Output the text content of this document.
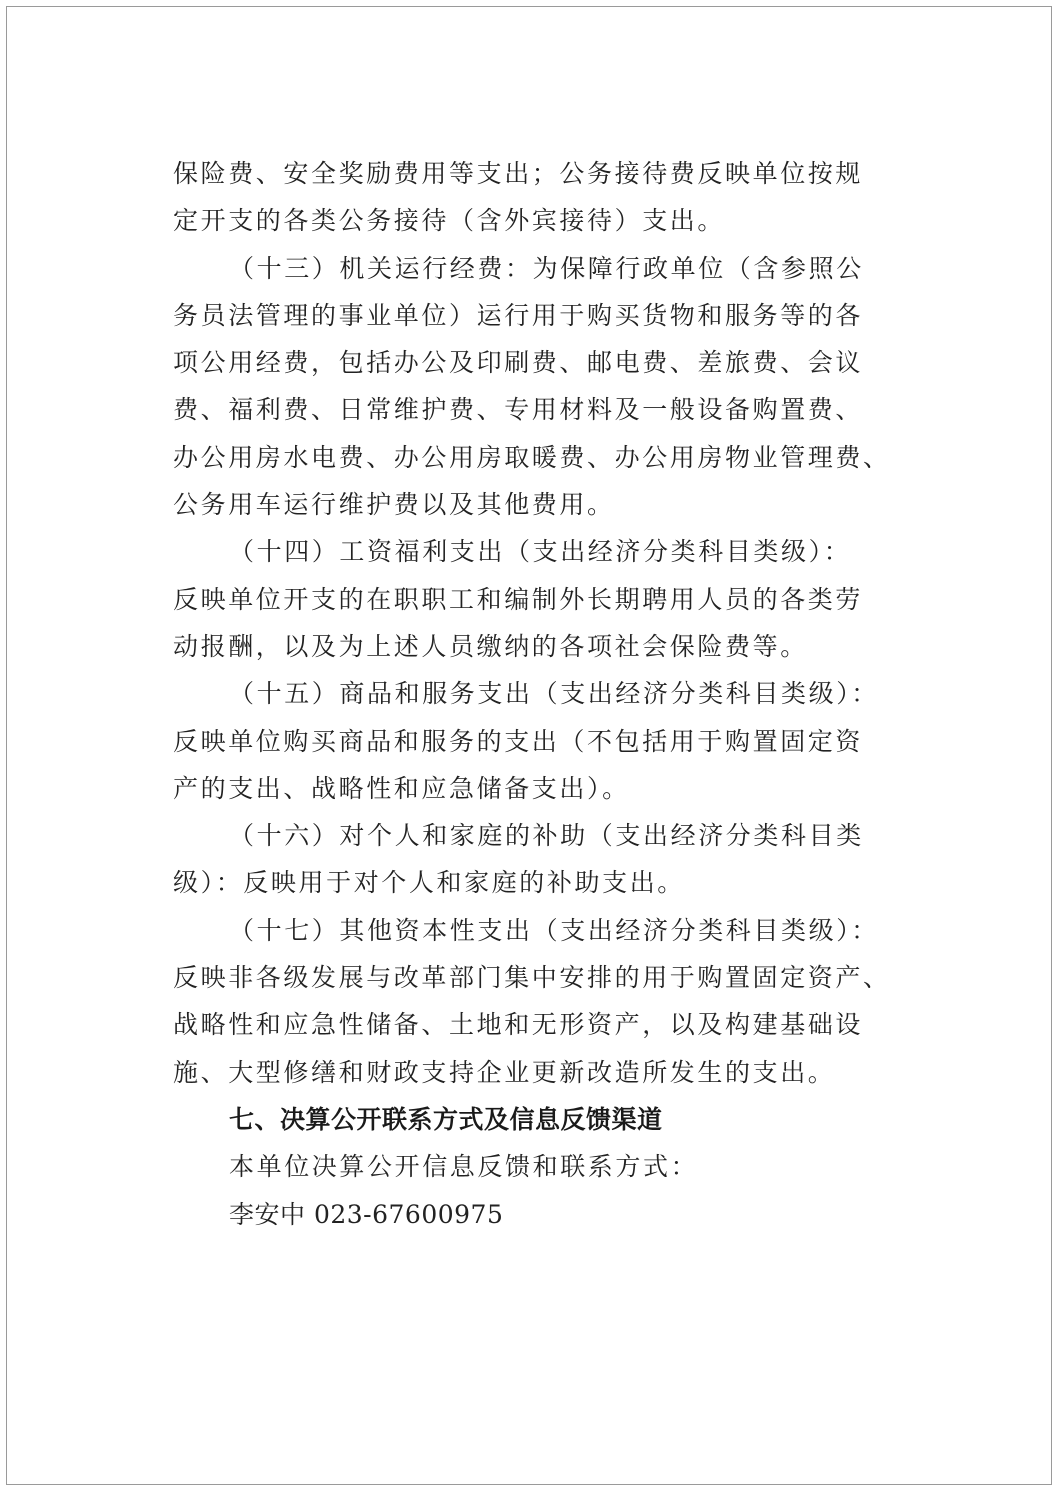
保险费、安全奖励费用等支出；公务接待费反映单位按规
定开支的各类公务接待（含外宾接待）支出。
（十三）机关运行经费：为保障行政单位（含参照公
务员法管理的事业单位）运行用于购买货物和服务等的各
项公用经费，包括办公及印刷费、邮电费、差旅费、会议
费、福利费、日常维护费、专用材料及一般设备购置费、
办公用房水电费、办公用房取暖费、办公用房物业管理费、
公务用车运行维护费以及其他费用。
（十四）工资福利支出（支出经济分类科目类级）：
反映单位开支的在职职工和编制外长期聘用人员的各类劳
动报酬，以及为上述人员缴纳的各项社会保险费等。
（十五）商品和服务支出（支出经济分类科目类级）：
反映单位购买商品和服务的支出（不包括用于购置固定资
产的支出、战略性和应急储备支出）。
（十六）对个人和家庭的补助（支出经济分类科目类
级）：反映用于对个人和家庭的补助支出。
（十七）其他资本性支出（支出经济分类科目类级）：
反映非各级发展与改革部门集中安排的用于购置固定资产、
战略性和应急性储备、土地和无形资产，以及构建基础设
施、大型修缮和财政支持企业更新改造所发生的支出。
七、决算公开联系方式及信息反馈渠道
本单位决算公开信息反馈和联系方式：
李安中 023-67600975
